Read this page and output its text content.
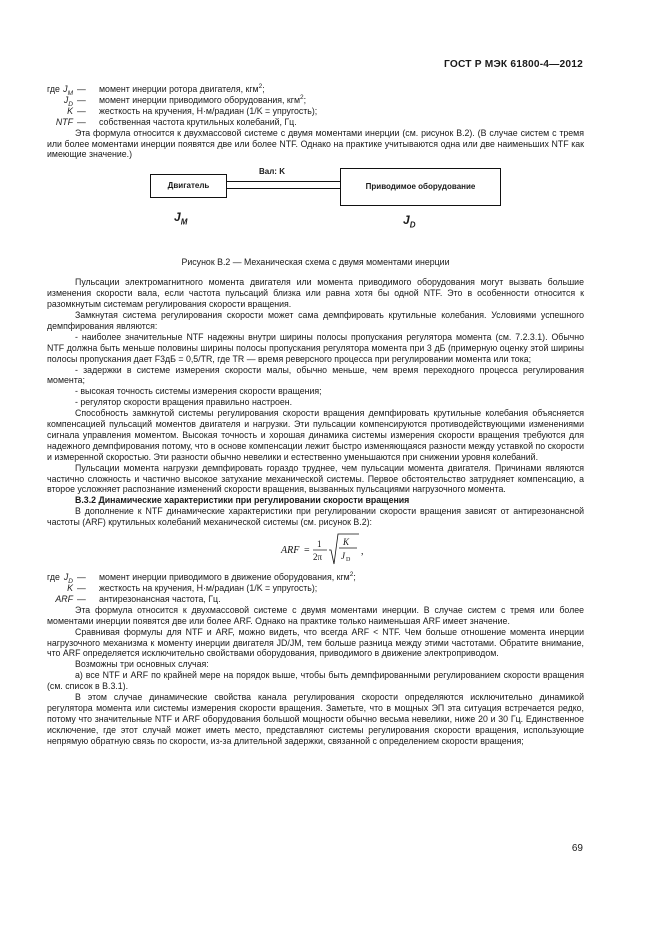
ГОСТ Р МЭК 61800-4—2012
где $J_M$ —	момент инерции ротора двигателя, кгм$^2$;
$J_D$ —	момент инерции приводимого оборудования, кгм$^2$;
K —	жесткость на кручения, Н·м/радиан (1/K = упругость);
NTF —	собственная частота крутильных колебаний, Гц.

Эта формула относится к двухмассовой системе с двумя моментами инерции (см. рисунок В.2). (В случае систем с тремя или более моментами инерции появятся две или более NTF. Однако на практике учитываются одна или две наименьших NTF как имеющие значение.)

Двигатель
Вал: K
Приводимое оборудование
$J_M$	$J_D$
Рисунок В.2 — Механическая схема с двумя моментами инерции

Пульсации электромагнитного момента двигателя или момента приводимого оборудования могут вызвать большие изменения скорости вала, если частота пульсаций близка или равна хотя бы одной NTF. Это в особенности относится к разомкнутым системам регулирования скорости вращения.

Замкнутая система регулирования скорости может сама демпфировать крутильные колебания. Условиями успешного демпфирования являются:

- наиболее значительные NTF надежны внутри ширины полосы пропускания регулятора момента (см. 7.2.3.1). Обычно NTF должна быть меньше половины ширины полосы пропускания регулятора момента при 3 дБ (примерную оценку этой ширины полосы пропускания дает F3дБ = 0,5/TR, где TR — время реверсного процесса при регулировании момента или тока;

- задержки в системе измерения скорости малы, обычно меньше, чем время переходного процесса регулирования момента;

- высокая точность системы измерения скорости вращения;

- регулятор скорости вращения правильно настроен.

Способность замкнутой системы регулирования скорости вращения демпфировать крутильные колебания объясняется компенсацией пульсаций моментов двигателя и нагрузки. Эти пульсации компенсируются противодействующими изменениями сигнала управления моментом. Высокая точность и хорошая динамика системы измерения скорости вращения требуются для надежного демпфирования потому, что в основе компенсации лежит быстро изменяющаяся разности между уставкой по скорости и измеренной скоростью. Эти разности обычно невелики и естественно уменьшаются при снижении уровня колебаний.

Пульсации момента нагрузки демпфировать гораздо труднее, чем пульсации момента двигателя. Причинами являются частично сложность и частично высокое затухание механической системы. Первое обстоятельство затрудняет компенсацию, а второе усложняет распознание изменений скорости вращения, вызванных пульсациями нагрузочного момента.

В.3.2 Динамические характеристики при регулировании скорости вращения

В дополнение к NTF динамические характеристики при регулировании скорости вращения зависят от антирезонансной частоты (ARF) крутильных колебаний механической системы (см. рисунок В.2):

ARF =
1
2π
K
J D
,
где $J_D$ —	момент инерции приводимого в движение оборудования, кгм$^2$;
K —	жесткость на кручения, Н·м/радиан (1/K = упругость);
ARF —	антирезонансная частота, Гц.

Эта формула относится к двухмассовой системе с двумя моментами инерции. В случае систем с тремя или более моментами инерции появятся две или более ARF. Однако на практике только наименьшая ARF имеет значение.

Сравнивая формулы для NTF и ARF, можно видеть, что всегда ARF < NTF. Чем больше отношение момента инерции нагрузочного механизма к моменту инерции двигателя JD/JM, тем больше разница между этими частотами. Обратите внимание, что ARF определяется исключительно свойствами оборудования, приводимого в движение электроприводом.

Возможны три основных случая:

а) все NTF и ARF по крайней мере на порядок выше, чтобы быть демпфированными регулированием скорости вращения (см. список в В.3.1).

В этом случае динамические свойства канала регулирования скорости определяются исключительно динамикой регулятора момента или системы измерения скорости вращения. Заметьте, что в мощных ЭП эта ситуация встречается редко, потому что значительные NTF и ARF оборудования большой мощности обычно весьма невелики, ниже 20 и 30 Гц. Единственное исключение, где этот случай может иметь место, представляют системы регулирования скорости вращения, использующие непрямую обратную связь по скорости, из-за длительной задержки, связанной с определением скорости вращения;

69
